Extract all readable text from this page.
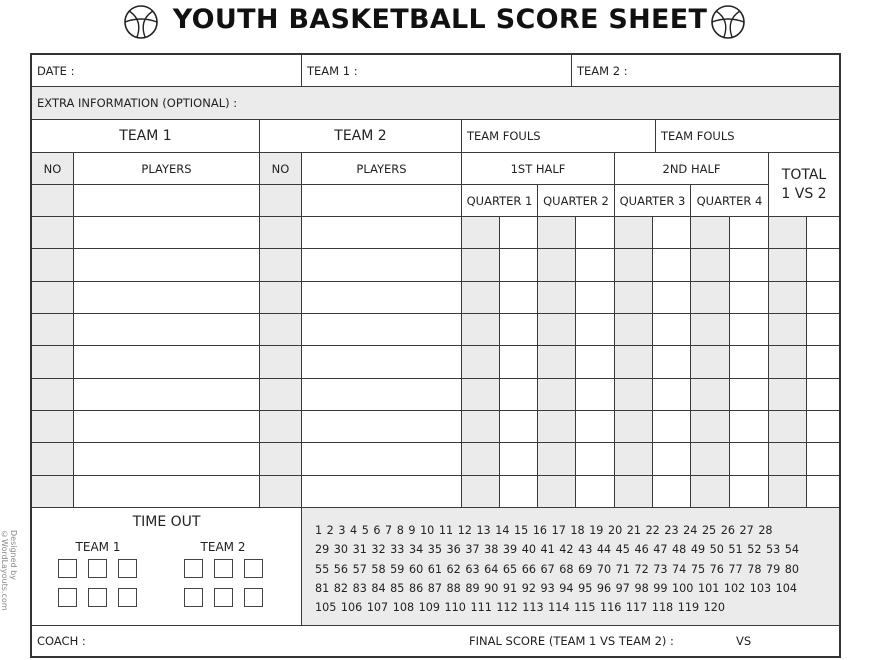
YOUTH BASKETBALL SCORE SHEET
DATE :	TEAM 1 :	TEAM 2 :
EXTRA INFORMATION (OPTIONAL) :
TEAM 1	TEAM 2	TEAM FOULS	TEAM FOULS
NO	PLAYERS	NO	PLAYERS	1ST HALF	2ND HALF	TOTAL
1 VS 2
QUARTER 1 QUARTER 2 QUARTER 3 QUARTER 4
COACH :	FINAL SCORE (TEAM 1 VS TEAM 2) :	VS
TIME OUT
TEAM 1	TEAM 2
1 2 3 4 5 6 7 8 9 10 11 12 13 14 15 16 17 18 19 20 21 22 23 24 25 26 27 28
29 30 31 32 33 34 35 36 37 38 39 40 41 42 43 44 45 46 47 48 49 50 51 52 53 54
55 56 57 58 59 60 61 62 63 64 65 66 67 68 69 70 71 72 73 74 75 76 77 78 79 80
81 82 83 84 85 86 87 88 89 90 91 92 93 94 95 96 97 98 99 100 101 102 103 104
105 106 107 108 109 110 111 112 113 114 115 116 117 118 119 120
Designed by ©WordLayouts.com
